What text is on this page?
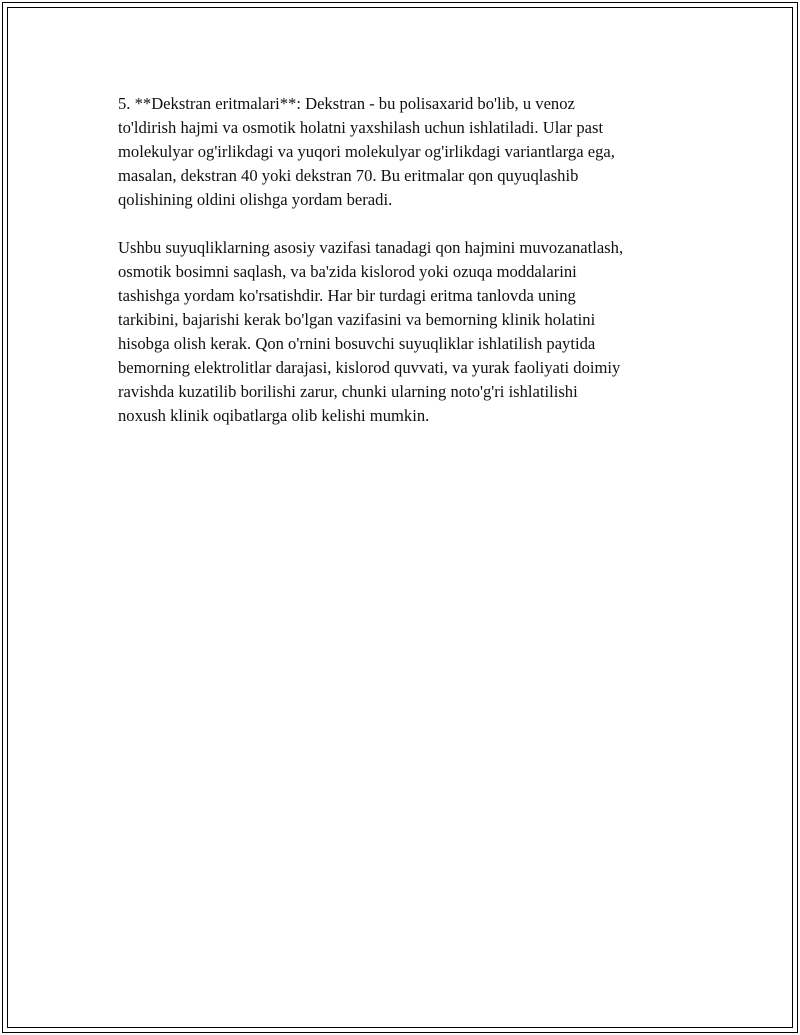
5. **Dekstran eritmalari**: Dekstran - bu polisaxarid bo'lib, u venoz
to'ldirish hajmi va osmotik holatni yaxshilash uchun ishlatiladi. Ular past
molekulyar og'irlikdagi va yuqori molekulyar og'irlikdagi variantlarga ega,
masalan, dekstran 40 yoki dekstran 70. Bu eritmalar qon quyuqlashib
qolishining oldini olishga yordam beradi.

Ushbu suyuqliklarning asosiy vazifasi tanadagi qon hajmini muvozanatlash,
osmotik bosimni saqlash, va ba'zida kislorod yoki ozuqa moddalarini
tashishga yordam ko'rsatishdir. Har bir turdagi eritma tanlovda uning
tarkibini, bajarishi kerak bo'lgan vazifasini va bemorning klinik holatini
hisobga olish kerak. Qon o'rnini bosuvchi suyuqliklar ishlatilish paytida
bemorning elektrolitlar darajasi, kislorod quvvati, va yurak faoliyati doimiy
ravishda kuzatilib borilishi zarur, chunki ularning noto'g'ri ishlatilishi
noxush klinik oqibatlarga olib kelishi mumkin.
